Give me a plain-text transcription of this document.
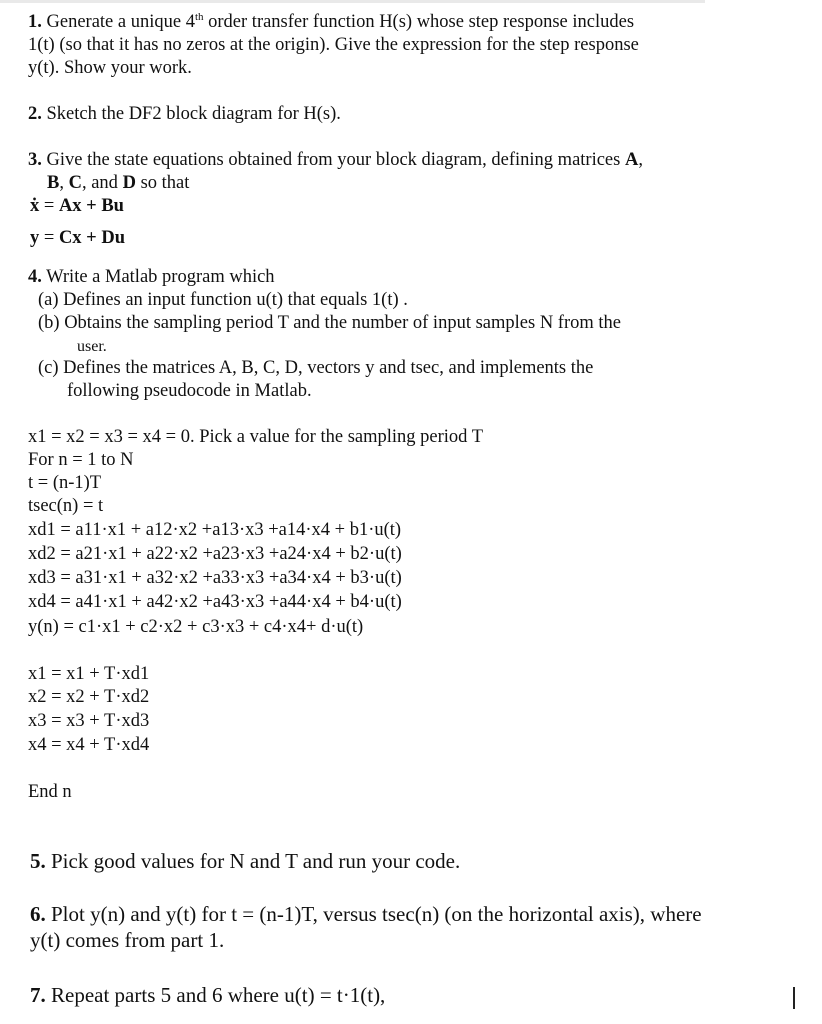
1. Generate a unique 4th order transfer function H(s) whose step response includes
1(t) (so that it has no zeros at the origin). Give the expression for the step response
y(t). Show your work.
2. Sketch the DF2 block diagram for H(s).
3. Give the state equations obtained from your block diagram, defining matrices A,
B, C, and D so that
ẋ = Ax + Bu
y = Cx + Du
4. Write a Matlab program which
(a) Defines an input function u(t) that equals 1(t) .
(b) Obtains the sampling period T and the number of input samples N from the
user.
(c) Defines the matrices A, B, C, D, vectors y and tsec, and implements the
following pseudocode in Matlab.
x1 = x2 = x3 = x4 = 0. Pick a value for the sampling period T
For n = 1 to N
t = (n-1)T
tsec(n) = t
xd1 = a11·x1 + a12·x2 +a13·x3 +a14·x4 + b1·u(t)
xd2 = a21·x1 + a22·x2 +a23·x3 +a24·x4 + b2·u(t)
xd3 = a31·x1 + a32·x2 +a33·x3 +a34·x4 + b3·u(t)
xd4 = a41·x1 + a42·x2 +a43·x3 +a44·x4 + b4·u(t)
y(n) = c1·x1 + c2·x2 + c3·x3 + c4·x4+ d·u(t)
x1 = x1 + T·xd1
x2 = x2 + T·xd2
x3 = x3 + T·xd3
x4 = x4 + T·xd4
End n
5. Pick good values for N and T and run your code.
6. Plot y(n) and y(t) for t = (n-1)T, versus tsec(n) (on the horizontal axis), where
y(t) comes from part 1.
7. Repeat parts 5 and 6 where u(t) = t·1(t),
